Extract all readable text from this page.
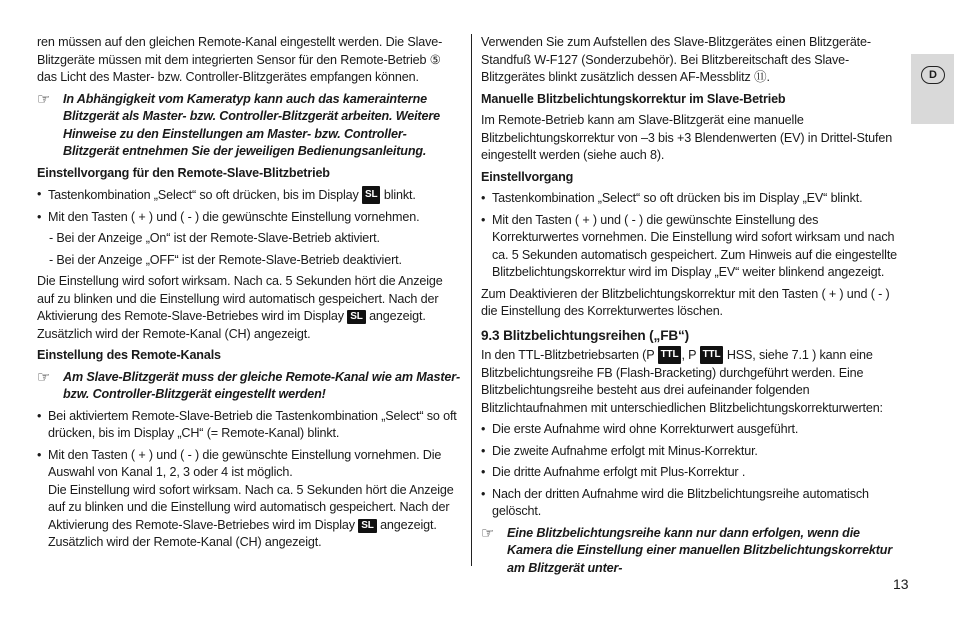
ren müssen auf den gleichen Remote-Kanal eingestellt werden. Die Slave-Blitzgeräte müssen mit dem integrierten Sensor für den Remote-Betrieb ⑤ das Licht des Master- bzw. Controller-Blitzgerätes empfangen können.

☞	In Abhängigkeit vom Kameratyp kann auch das kamerainterne Blitzgerät als Master- bzw. Controller-Blitzgerät arbeiten. Weitere Hinweise zu den Einstellungen am Master- bzw. Controller-Blitzgerät entnehmen Sie der jeweiligen Bedienungsanleitung.

Einstellvorgang für den Remote-Slave-Blitzbetrieb

• Tastenkombination „Select“ so oft drücken, bis im Display SL blinkt.
• Mit den Tasten ( + ) und ( - ) die gewünschte Einstellung vornehmen.

- Bei der Anzeige „On“ ist der Remote-Slave-Betrieb aktiviert.

- Bei der Anzeige „OFF“ ist der Remote-Slave-Betrieb deaktiviert.

Die Einstellung wird sofort wirksam. Nach ca. 5 Sekunden hört die Anzeige auf zu blinken und die Einstellung wird automatisch gespeichert. Nach der Aktivierung des Remote-Slave-Betriebes wird im Display SL angezeigt. Zusätzlich wird der Remote-Kanal (CH) angezeigt.

Einstellung des Remote-Kanals

☞	Am Slave-Blitzgerät muss der gleiche Remote-Kanal wie am Master- bzw. Controller-Blitzgerät eingestellt werden!
• Bei aktiviertem Remote-Slave-Betrieb die Tastenkombination „Select“ so oft drücken, bis im Display „CH“ (= Remote-Kanal) blinkt.
• Mit den Tasten ( + ) und ( - ) die gewünschte Einstellung vornehmen. Die Auswahl von Kanal 1, 2, 3 oder 4 ist möglich.
Die Einstellung wird sofort wirksam. Nach ca. 5 Sekunden hört die Anzeige auf zu blinken und die Einstellung wird automatisch gespeichert. Nach der Aktivierung des Remote-Slave-Betriebes wird im Display SL angezeigt. Zusätzlich wird der Remote-Kanal (CH) angezeigt.

Verwenden Sie zum Aufstellen des Slave-Blitzgerätes einen Blitzgeräte-Standfuß W-F127 (Sonderzubehör). Bei Blitzbereitschaft des Slave-Blitzgerätes blinkt zusätzlich dessen AF-Messblitz ⑪.

Manuelle Blitzbelichtungskorrektur im Slave-Betrieb

Im Remote-Betrieb kann am Slave-Blitzgerät eine manuelle Blitzbelichtungskorrektur von –3 bis +3 Blendenwerten (EV) in Drittel-Stufen eingestellt werden (siehe auch 8).

Einstellvorgang

• Tastenkombination „Select“ so oft drücken bis im Display „EV“ blinkt.
• Mit den Tasten ( + ) und ( - ) die gewünschte Einstellung des Korrekturwertes vornehmen. Die Einstellung wird sofort wirksam und nach ca. 5 Sekunden automatisch gespeichert. Zum Hinweis auf die eingestellte Blitzbelichtungskorrektur wird im Display „EV“ weiter blinkend angezeigt.

Zum Deaktivieren der Blitzbelichtungskorrektur mit den Tasten ( + ) und ( - ) die Einstellung des Korrekturwertes löschen.

9.3 Blitzbelichtungsreihen („FB“)

In den TTL-Blitzbetriebsarten (P TTL , P TTL HSS, siehe 7.1 ) kann eine Blitzbelichtungsreihe FB (Flash-Bracketing) durchgeführt werden. Eine Blitzbelichtungsreihe besteht aus drei aufeinander folgenden Blitzlichtaufnahmen mit unterschiedlichen Blitzbelichtungskorrekturwerten:

• Die erste Aufnahme wird ohne Korrekturwert ausgeführt.
• Die zweite Aufnahme erfolgt mit Minus-Korrektur.
• Die dritte Aufnahme erfolgt mit Plus-Korrektur .
• Nach der dritten Aufnahme wird die Blitzbelichtungsreihe automatisch gelöscht.
☞	Eine Blitzbelichtungsreihe kann nur dann erfolgen, wenn die Kamera die Einstellung einer manuellen Blitzbelichtungskorrektur am Blitzgerät unter-
D
13
